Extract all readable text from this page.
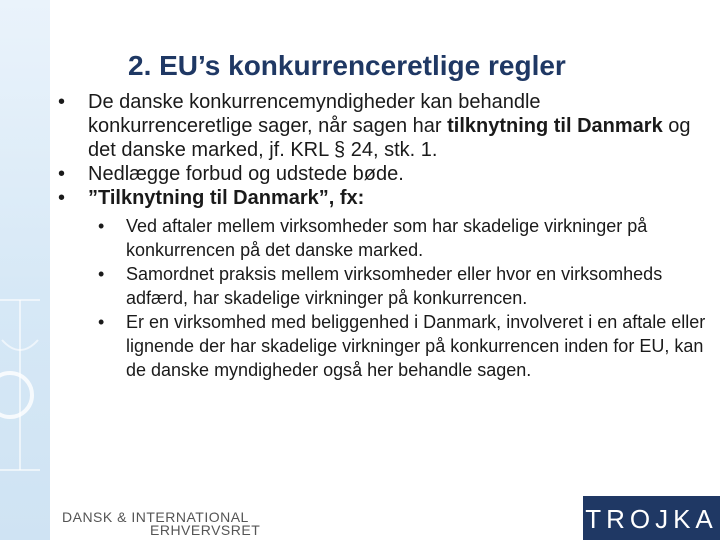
2. EU’s konkurrenceretlige regler

• De danske konkurrencemyndigheder kan behandle konkurrenceretlige sager, når sagen har tilknytning til Danmark og det danske marked, jf. KRL § 24, stk. 1.

• Nedlægge forbud og udstede bøde.

• ”Tilknytning til Danmark”, fx:

• Ved aftaler mellem virksomheder som har skadelige virkninger på konkurrencen på det danske marked.

• Samordnet praksis mellem virksomheder eller hvor en virksomheds adfærd, har skadelige virkninger på konkurrencen.

• Er en virksomhed med beliggenhed i Danmark, involveret i en aftale eller lignende der har skadelige virkninger på konkurrencen inden for EU, kan de danske myndigheder også her behandle sagen.

DANSK & INTERNATIONAL
ERHVERVSRET	TROJKA
